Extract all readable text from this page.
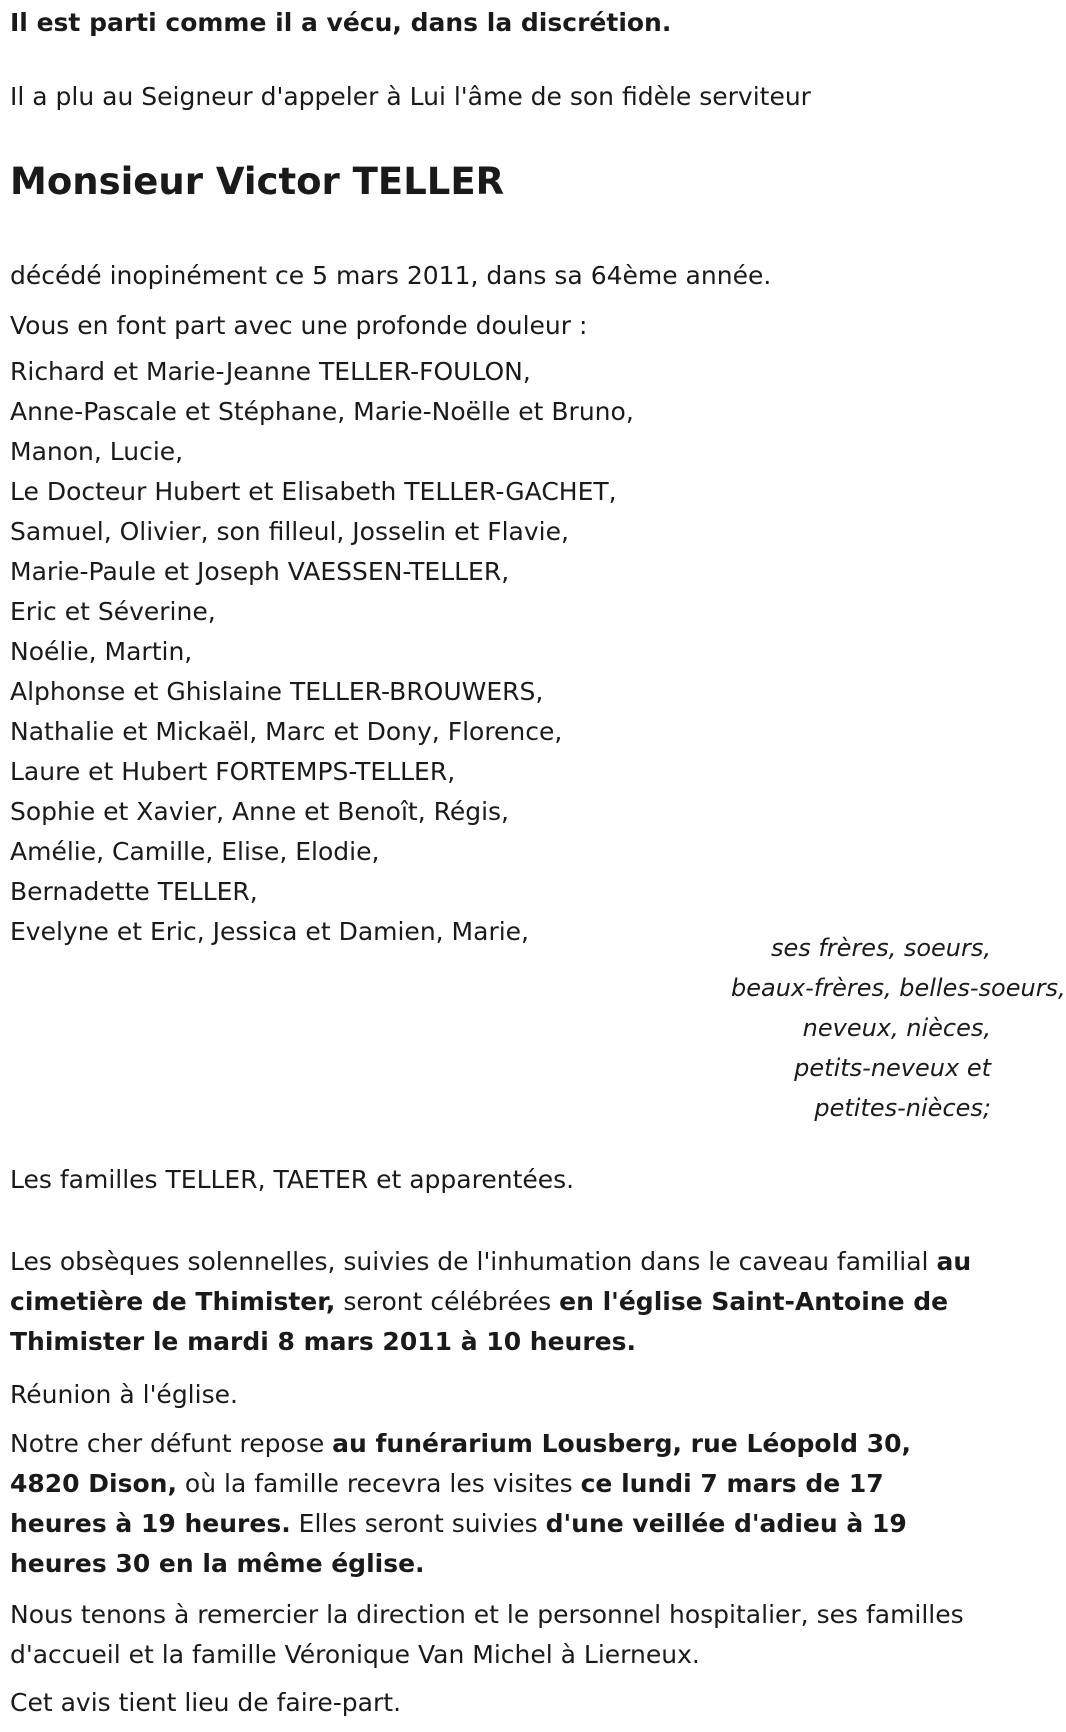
Il est parti comme il a vécu, dans la discrétion.
Il a plu au Seigneur d'appeler à Lui l'âme de son fidèle serviteur
Monsieur Victor TELLER
décédé inopinément ce 5 mars 2011, dans sa 64ème année.
Vous en font part avec une profonde douleur :
Richard et Marie-Jeanne TELLER-FOULON,
Anne-Pascale et Stéphane, Marie-Noëlle et Bruno,
Manon, Lucie,
Le Docteur Hubert et Elisabeth TELLER-GACHET,
Samuel, Olivier, son filleul, Josselin et Flavie,
Marie-Paule et Joseph VAESSEN-TELLER,
Eric et Séverine,
Noélie, Martin,
Alphonse et Ghislaine TELLER-BROUWERS,
Nathalie et Mickaël, Marc et Dony, Florence,
Laure et Hubert FORTEMPS-TELLER,
Sophie et Xavier, Anne et Benoît, Régis,
Amélie, Camille, Elise, Elodie,
Bernadette TELLER,
Evelyne et Eric, Jessica et Damien, Marie,
ses frères, soeurs,
beaux-frères, belles-soeurs,
neveux, nièces,
petits-neveux et
petites-nièces;
Les familles TELLER, TAETER et apparentées.
Les obsèques solennelles, suivies de l'inhumation dans le caveau familial au cimetière de Thimister, seront célébrées en l'église Saint-Antoine de Thimister le mardi 8 mars 2011 à 10 heures.
Réunion à l'église.
Notre cher défunt repose au funérarium Lousberg, rue Léopold 30, 4820 Dison, où la famille recevra les visites ce lundi 7 mars de 17 heures à 19 heures. Elles seront suivies d'une veillée d'adieu à 19 heures 30 en la même église.
Nous tenons à remercier la direction et le personnel hospitalier, ses familles d'accueil et la famille Véronique Van Michel à Lierneux.
Cet avis tient lieu de faire-part.
